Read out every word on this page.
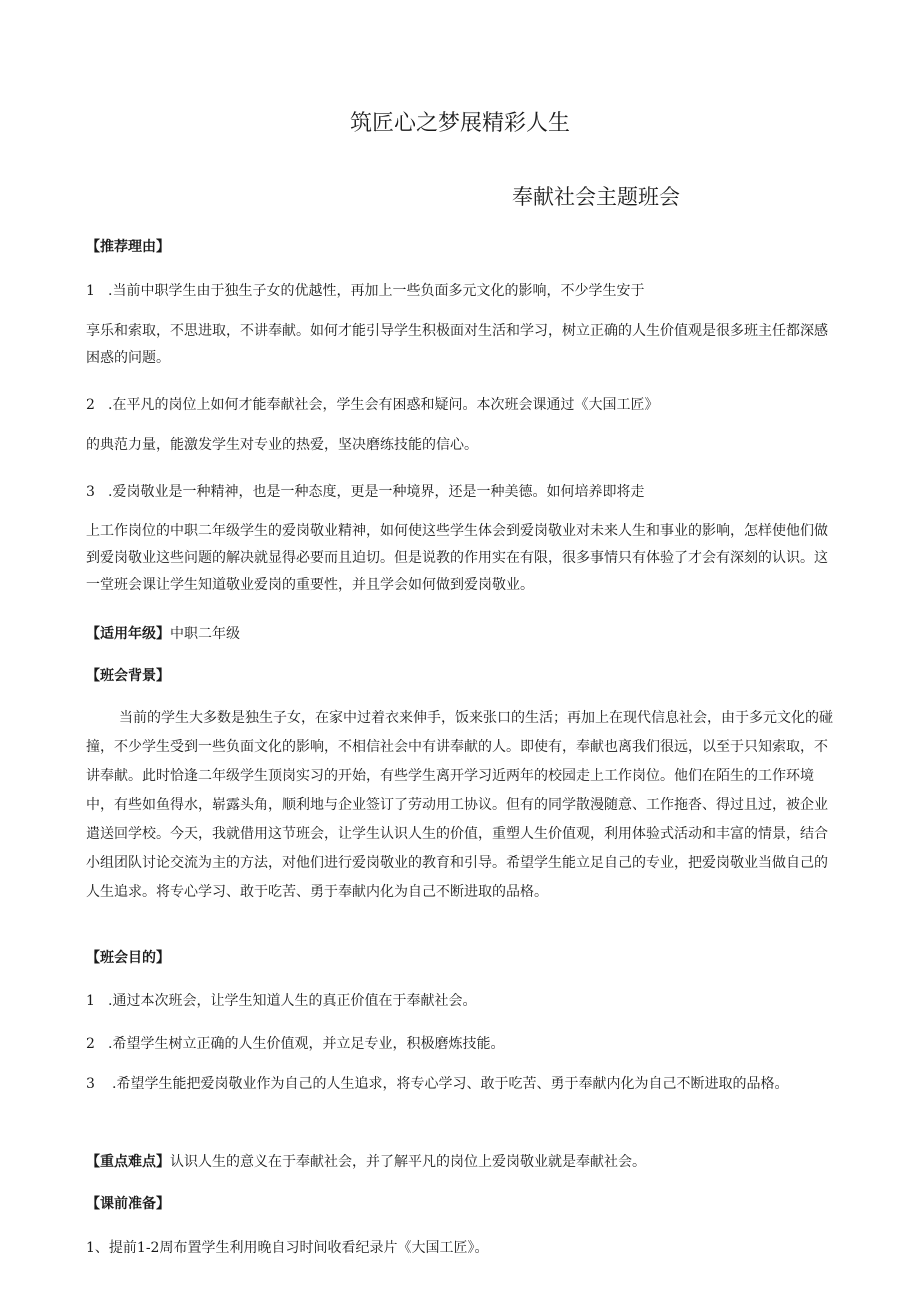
筑匠心之梦展精彩人生
奉献社会主题班会
【推荐理由】
1 .当前中职学生由于独生子女的优越性，再加上一些负面多元文化的影响，不少学生安于
享乐和索取，不思进取，不讲奉献。如何才能引导学生积极面对生活和学习，树立正确的人生价值观是很多班主任都深感困惑的问题。
2 .在平凡的岗位上如何才能奉献社会，学生会有困惑和疑问。本次班会课通过《大国工匠》
的典范力量，能激发学生对专业的热爱，坚决磨练技能的信心。
3 .爱岗敬业是一种精神，也是一种态度，更是一种境界，还是一种美德。如何培养即将走
上工作岗位的中职二年级学生的爱岗敬业精神，如何使这些学生体会到爱岗敬业对未来人生和事业的影响，怎样使他们做到爱岗敬业这些问题的解决就显得必要而且迫切。但是说教的作用实在有限，很多事情只有体验了才会有深刻的认识。这一堂班会课让学生知道敬业爱岗的重要性，并且学会如何做到爱岗敬业。
【适用年级】中职二年级
【班会背景】
当前的学生大多数是独生子女，在家中过着衣来伸手，饭来张口的生活；再加上在现代信息社会，由于多元文化的碰撞，不少学生受到一些负面文化的影响，不相信社会中有讲奉献的人。即使有，奉献也离我们很远，以至于只知索取，不讲奉献。此时恰逢二年级学生顶岗实习的开始，有些学生离开学习近两年的校园走上工作岗位。他们在陌生的工作环境中，有些如鱼得水，崭露头角，顺利地与企业签订了劳动用工协议。但有的同学散漫随意、工作拖沓、得过且过，被企业遣送回学校。今天，我就借用这节班会，让学生认识人生的价值，重塑人生价值观，利用体验式活动和丰富的情景，结合小组团队讨论交流为主的方法，对他们进行爱岗敬业的教育和引导。希望学生能立足自己的专业，把爱岗敬业当做自己的人生追求。将专心学习、敢于吃苦、勇于奉献内化为自己不断进取的品格。
【班会目的】
1 .通过本次班会，让学生知道人生的真正价值在于奉献社会。
2 .希望学生树立正确的人生价值观，并立足专业，积极磨炼技能。
3 .希望学生能把爱岗敬业作为自己的人生追求，将专心学习、敢于吃苦、勇于奉献内化为自己不断进取的品格。
【重点难点】认识人生的意义在于奉献社会，并了解平凡的岗位上爱岗敬业就是奉献社会。
【课前准备】
1、提前1-2周布置学生利用晚自习时间收看纪录片《大国工匠》。
